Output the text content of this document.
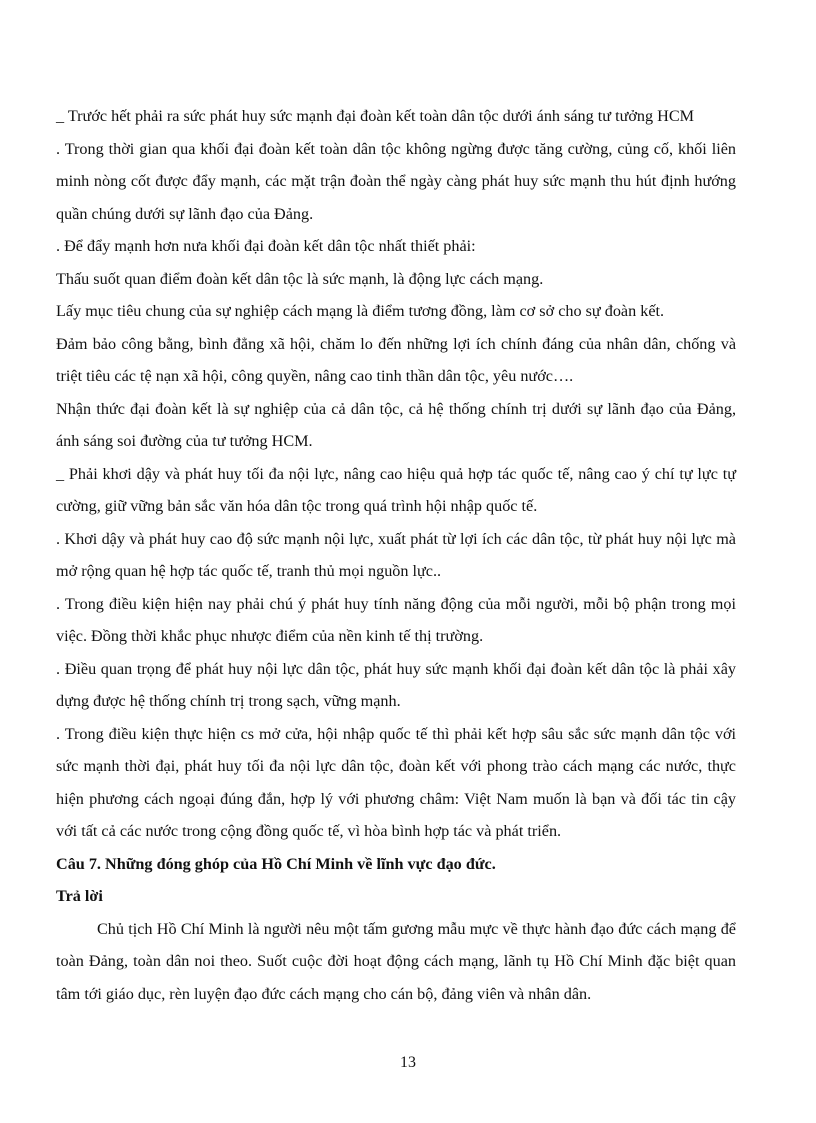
_ Trước hết phải ra sức phát huy sức mạnh đại đoàn kết toàn dân tộc dưới ánh sáng tư tưởng HCM

. Trong thời gian qua khối đại đoàn kết toàn dân tộc không ngừng được tăng cường, củng cố, khối liên minh nòng cốt được đẩy mạnh, các mặt trận đoàn thể ngày càng phát huy sức mạnh thu hút định hướng quần chúng dưới sự lãnh đạo của Đảng.

. Để đẩy mạnh hơn nưa khối đại đoàn kết dân tộc nhất thiết phải:

Thấu suốt quan điểm đoàn kết dân tộc là sức mạnh, là động lực cách mạng.

Lấy mục tiêu chung của sự nghiệp cách mạng là điểm tương đồng, làm cơ sở cho sự đoàn kết.

Đảm bảo công bằng, bình đẳng xã hội, chăm lo đến những lợi ích chính đáng của nhân dân, chống và triệt tiêu các tệ nạn xã hội, công quyền, nâng cao tinh thần dân tộc, yêu nước….

Nhận thức đại đoàn kết là sự nghiệp của cả dân tộc, cả hệ thống chính trị dưới sự lãnh đạo của Đảng, ánh sáng soi đường của tư tưởng HCM.

_ Phải khơi dậy và phát huy tối đa nội lực, nâng cao hiệu quả hợp tác quốc tế, nâng cao ý chí tự lực tự cường, giữ vững bản sắc văn hóa dân tộc trong quá trình hội nhập quốc tế.

. Khơi dậy và phát huy cao độ sức mạnh nội lực, xuất phát từ lợi ích các dân tộc, từ phát huy nội lực mà mở rộng quan hệ hợp tác quốc tế, tranh thủ mọi nguồn lực..

. Trong điều kiện hiện nay phải chú ý phát huy tính năng động của mỗi người, mỗi bộ phận trong mọi việc. Đồng thời khắc phục nhược điểm của nền kinh tế thị trường.

. Điều quan trọng để phát huy nội lực dân tộc, phát huy sức mạnh khối đại đoàn kết dân tộc là phải xây dựng được hệ thống chính trị trong sạch, vững mạnh.

. Trong điều kiện thực hiện cs mở cửa, hội nhập quốc tế thì phải kết hợp sâu sắc sức mạnh dân tộc với sức mạnh thời đại, phát huy tối đa nội lực dân tộc, đoàn kết với phong trào cách mạng các nước, thực hiện phương cách ngoại đúng đắn, hợp lý với phương châm: Việt Nam muốn là bạn và đối tác tin cậy với tất cả các nước trong cộng đồng quốc tế, vì hòa bình hợp tác và phát triển.

Câu 7. Những đóng ghóp của Hồ Chí Minh về lĩnh vực đạo đức.

Trả lời

Chủ tịch Hồ Chí Minh là người nêu một tấm gương mẫu mực về thực hành đạo đức cách mạng để toàn Đảng, toàn dân noi theo. Suốt cuộc đời hoạt động cách mạng, lãnh tụ Hồ Chí Minh đặc biệt quan tâm tới giáo dục, rèn luyện đạo đức cách mạng cho cán bộ, đảng viên và nhân dân.

13
